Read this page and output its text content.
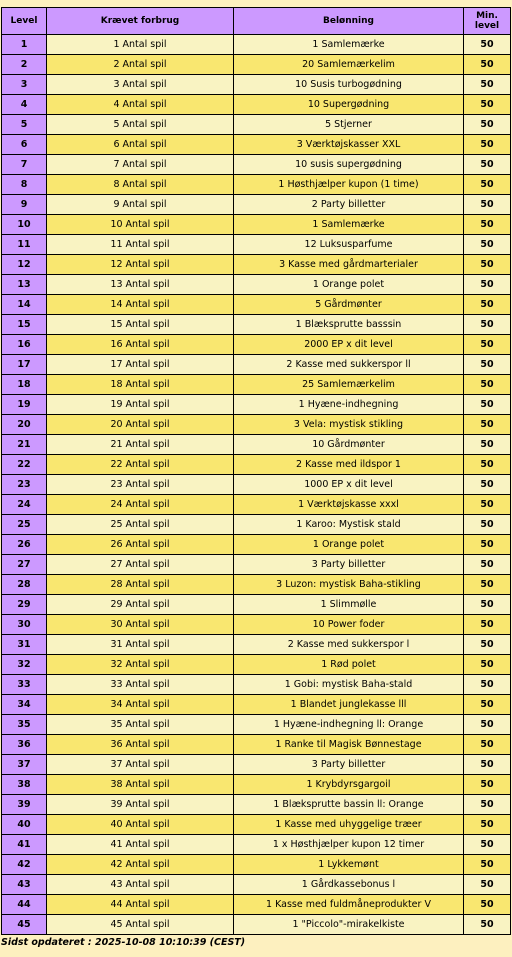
Level	Krævet forbrug	Belønning	Min.
level
1	1 Antal spil	1 Samlemærke	50
2	2 Antal spil	20 Samlemærkelim	50
3	3 Antal spil	10 Susis turbogødning	50
4	4 Antal spil	10 Supergødning	50
5	5 Antal spil	5 Stjerner	50
6	6 Antal spil	3 Værktøjskasser XXL	50
7	7 Antal spil	10 susis supergødning	50
8	8 Antal spil	1 Høsthjælper kupon (1 time)	50
9	9 Antal spil	2 Party billetter	50
10	10 Antal spil	1 Samlemærke	50
11	11 Antal spil	12 Luksusparfume	50
12	12 Antal spil	3 Kasse med gårdmarterialer	50
13	13 Antal spil	1 Orange polet	50
14	14 Antal spil	5 Gårdmønter	50
15	15 Antal spil	1 Blæksprutte basssin	50
16	16 Antal spil	2000 EP x dit level	50
17	17 Antal spil	2 Kasse med sukkerspor ll	50
18	18 Antal spil	25 Samlemærkelim	50
19	19 Antal spil	1 Hyæne-indhegning	50
20	20 Antal spil	3 Vela: mystisk stikling	50
21	21 Antal spil	10 Gårdmønter	50
22	22 Antal spil	2 Kasse med ildspor 1	50
23	23 Antal spil	1000 EP x dit level	50
24	24 Antal spil	1 Værktøjskasse xxxl	50
25	25 Antal spil	1 Karoo: Mystisk stald	50
26	26 Antal spil	1 Orange polet	50
27	27 Antal spil	3 Party billetter	50
28	28 Antal spil	3 Luzon: mystisk Baha-stikling	50
29	29 Antal spil	1 Slimmølle	50
30	30 Antal spil	10 Power foder	50
31	31 Antal spil	2 Kasse med sukkerspor l	50
32	32 Antal spil	1 Rød polet	50
33	33 Antal spil	1 Gobi: mystisk Baha-stald	50
34	34 Antal spil	1 Blandet junglekasse lll	50
35	35 Antal spil	1 Hyæne-indhegning ll: Orange	50
36	36 Antal spil	1 Ranke til Magisk Bønnestage	50
37	37 Antal spil	3 Party billetter	50
38	38 Antal spil	1 Krybdyrsgargoil	50
39	39 Antal spil	1 Blæksprutte bassin ll: Orange	50
40	40 Antal spil	1 Kasse med uhyggelige træer	50
41	41 Antal spil	1 x Høsthjælper kupon 12 timer	50
42	42 Antal spil	1 Lykkemønt	50
43	43 Antal spil	1 Gårdkassebonus l	50
44	44 Antal spil	1 Kasse med fuldmåneprodukter V	50
45	45 Antal spil	1 "Piccolo"-mirakelkiste	50
Sidst opdateret : 2025-10-08 10:10:39 (CEST)
